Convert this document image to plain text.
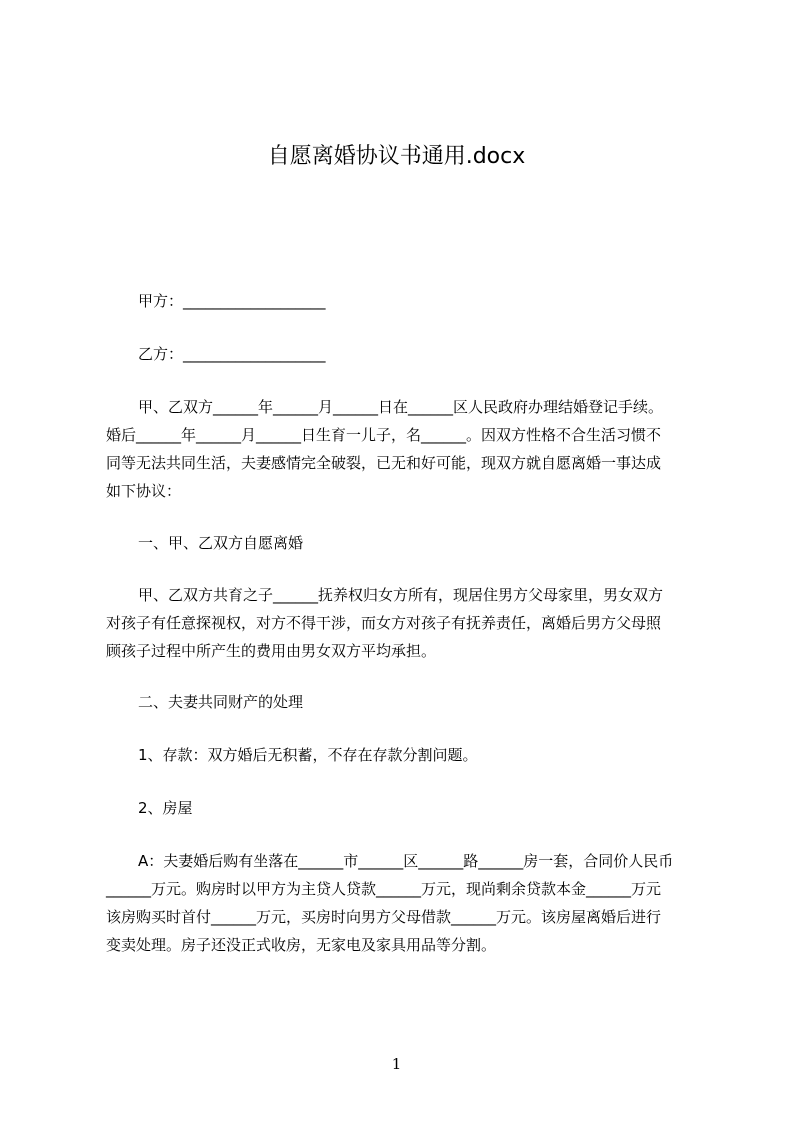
自愿离婚协议书通用.docx
甲方：___________________
乙方：___________________
甲、乙双方______年______月______日在______区人民政府办理结婚登记手续。
婚后______年______月______日生育一儿子，名______。因双方性格不合生活习惯不
同等无法共同生活，夫妻感情完全破裂，已无和好可能，现双方就自愿离婚一事达成
如下协议：
一、甲、乙双方自愿离婚
甲、乙双方共育之子______抚养权归女方所有，现居住男方父母家里，男女双方
对孩子有任意探视权，对方不得干涉，而女方对孩子有抚养责任，离婚后男方父母照
顾孩子过程中所产生的费用由男女双方平均承担。
二、夫妻共同财产的处理
1、存款：双方婚后无积蓄，不存在存款分割问题。
2、房屋
A：夫妻婚后购有坐落在______市______区______路______房一套，合同价人民币
______万元。购房时以甲方为主贷人贷款______万元，现尚剩余贷款本金______万元
该房购买时首付______万元，买房时向男方父母借款______万元。该房屋离婚后进行
变卖处理。房子还没正式收房，无家电及家具用品等分割。
1
